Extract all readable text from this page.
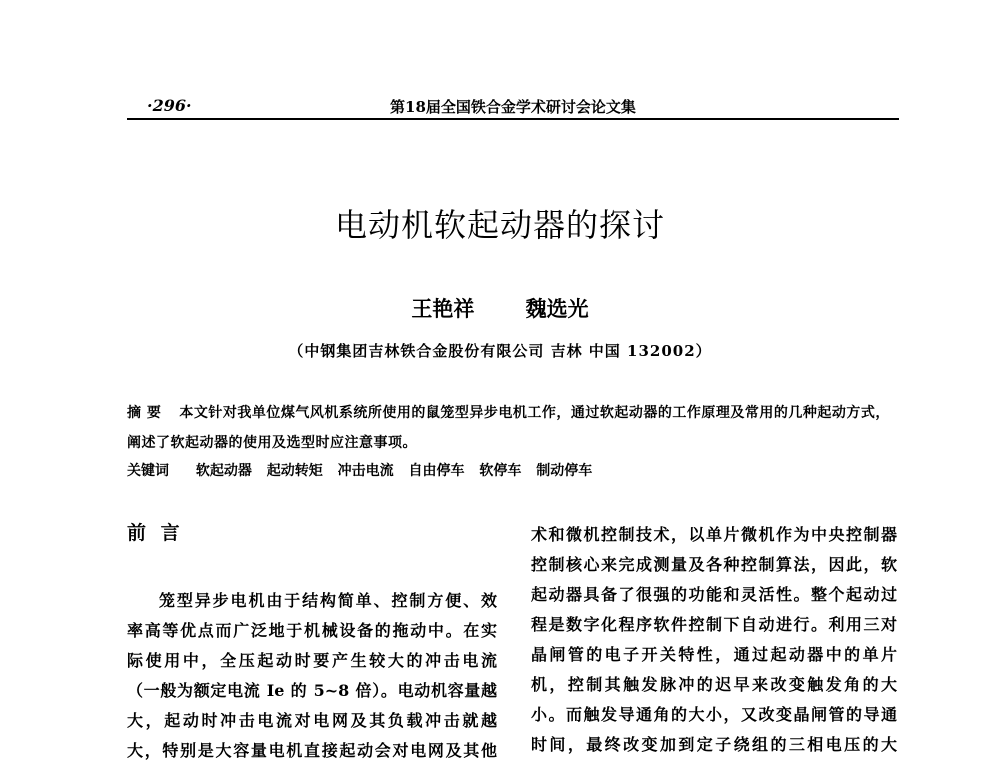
·296·	第18届全国铁合金学术研讨会论文集
电动机软起动器的探讨
王艳祥 魏选光
（中钢集团吉林铁合金股份有限公司 吉林 中国 132002）
摘 要 本文针对我单位煤气风机系统所使用的鼠笼型异步电机工作，通过软起动器的工作原理及常用的几种起动方式，阐述了软起动器的使用及选型时应注意事项。
关键词 软起动器 起动转矩 冲击电流 自由停车 软停车 制动停车
前 言
笼型异步电机由于结构简单、控制方便、效
率高等优点而广泛地于机械设备的拖动中。在实
际使用中，全压起动时要产生较大的冲击电流
（一般为额定电流 Ie 的 5~8 倍）。电动机容量越
大，起动时冲击电流对电网及其负载冲击就越
大，特别是大容量电机直接起动会对电网及其他
术和微机控制技术，以单片微机作为中央控制器
控制核心来完成测量及各种控制算法，因此，软
起动器具备了很强的功能和灵活性。整个起动过
程是数字化程序软件控制下自动进行。利用三对
晶闸管的电子开关特性，通过起动器中的单片
机，控制其触发脉冲的迟早来改变触发角的大
小。而触发导通角的大小，又改变晶闸管的导通
时间，最终改变加到定子绕组的三相电压的大
